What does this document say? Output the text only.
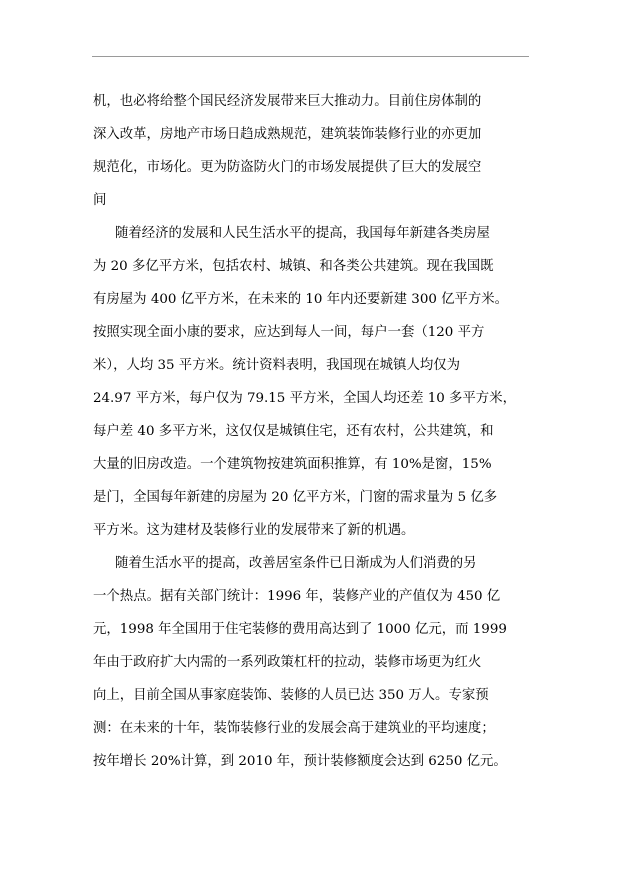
机，也必将给整个国民经济发展带来巨大推动力。目前住房体制的
深入改革，房地产市场日趋成熟规范，建筑装饰装修行业的亦更加
规范化，市场化。更为防盗防火门的市场发展提供了巨大的发展空
间
随着经济的发展和人民生活水平的提高，我国每年新建各类房屋
为 20 多亿平方米，包括农村、城镇、和各类公共建筑。现在我国既
有房屋为 400 亿平方米，在未来的 10 年内还要新建 300 亿平方米。
按照实现全面小康的要求，应达到每人一间，每户一套（120 平方
米），人均 35 平方米。统计资料表明，我国现在城镇人均仅为
24.97 平方米，每户仅为 79.15 平方米，全国人均还差 10 多平方米，
每户差 40 多平方米，这仅仅是城镇住宅，还有农村，公共建筑，和
大量的旧房改造。一个建筑物按建筑面积推算，有 10%是窗，15%
是门，全国每年新建的房屋为 20 亿平方米，门窗的需求量为 5 亿多
平方米。这为建材及装修行业的发展带来了新的机遇。
随着生活水平的提高，改善居室条件已日渐成为人们消费的另
一个热点。据有关部门统计：1996 年，装修产业的产值仅为 450 亿
元，1998 年全国用于住宅装修的费用高达到了 1000 亿元，而 1999
年由于政府扩大内需的一系列政策杠杆的拉动，装修市场更为红火
向上，目前全国从事家庭装饰、装修的人员已达 350 万人。专家预
测：在未来的十年，装饰装修行业的发展会高于建筑业的平均速度；
按年增长 20%计算，到 2010 年，预计装修额度会达到 6250 亿元。
